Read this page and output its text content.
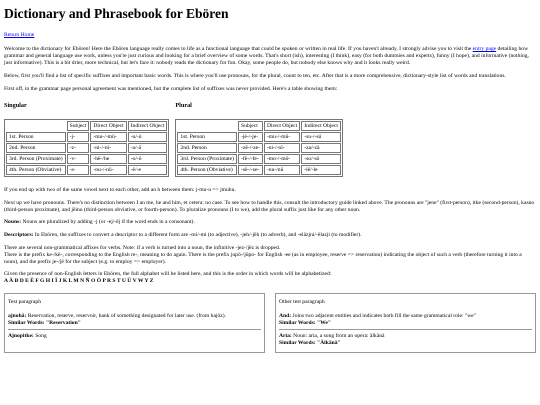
Dictionary and Phrasebook for Ebören
Return Home

Welcome to the dictionary for Ebören! Here the Ebören language really comes to life as a functional language that could be spoken or written in real life. If you haven't already, I strongly advise you to visit the entry page detailing how grammar and general language use work, unless you're just curious and looking for a brief overview of some words. That's short (ish), interesting (I think), easy (for both dummies and experts), funny (I hope), and informative (nothing, just informative). This is a bit drier, more technical, but let's face it: nobody reads the dictionary for fun. Okay, some people do, but nobody else knows why and it looks really weird.

Below, first you'll find a list of specific suffixes and important basic words. This is where you'll use pronouns, for the plural, count to ten, etc. After that is a more comprehensive, dictionary-style list of words and translations.

First off, in the grammar page personal agreement was mentioned, but the complete list of suffixes was never provided. Here's a table showing them:

Singular
	Subject	Direct Object	Indirect Object
1st. Person	-j-	-mu-/-mü-	-u/-ü
2nd. Person	-z-	-ni-/-nï-	-a/-ä
3rd. Person (Proximate)	-v-	-hë-/he	-o/-ö
4th. Person (Obviative)	-s-	-nu-/-nü-	-ë/-e
Plural
	Subject	Direct Object	Indirect Object
1st. Person	-jë-/-je-	-mu-/-mü-	-su-/-sü
2nd. Person	-zë-/-ze-	-ni-/-nï-	-za/-zä
3rd. Person (Proximate)	-fë-/-fe-	-mo-/-mö-	-so/-sö
4th. Person (Obviative)	-së-/-se-	-nu-/nü	-lë/-le

If you end up with two of the same vowel next to each other, add an h between them: j-mu-u => jmuhu.

Next up we have pronouns. There's no distinction between I an me, he and him, et cetera: no case. To see how to handle this, consult the introductory guide linked above. The pronouns are "jene" (first-person), itke (second-person), kasno (third-person proximate), and jëinu (third-person obviative, or fourth-person). To pluralize pronouns (I to we), add the plural suffix just like for any other noun.

Nouns: Nouns are pluralized by adding -j (or -ej/-ëj if the word ends in a consonant).

Descriptors: In Ebören, the suffixes to convert a descriptor to a different form are -mi/-mi (to adjective), -jeh/-jëh (to adverb), and -eläzjni/-ëlazji (to modifier).

There are several non-grammatical affixes for verbs. Note: if a verb is turned into a noun, the infinitive -jez-/jëz is dropped.
There is the prefix ke-/kë-, corresponding to the English re-, meaning to do again. There is the prefix jupö-/jüpo- for English -ee (as in employee, reserve => reservation) indicating the object of such a verb (therefore turning it into a noun), and the prefix je-/jë for the subject (e.g. to employ => employer).

Given the presence of non-English letters in Ebören, the full alphabet will be listed here, and this is the order in which words will be alphabetized:
A Ä B D E Ë F G H I Ï J K L M N Ñ O Ö P R S T U Ü V W Y Z

Test paragraph

ajnohä: Reservation, reserve, reservoir, bank of something designated for later use. (from hajöz).
Similar Words: "Reservation"
Ajnopitke: Song

Other test paragraph

And: Joins two adjacent entities and indicates both fill the same grammatical role: "we"
Similar Words: "We"
Aria: Noun: aria, a song from an opera: älkänä
Similar Words: "Älkänä"
